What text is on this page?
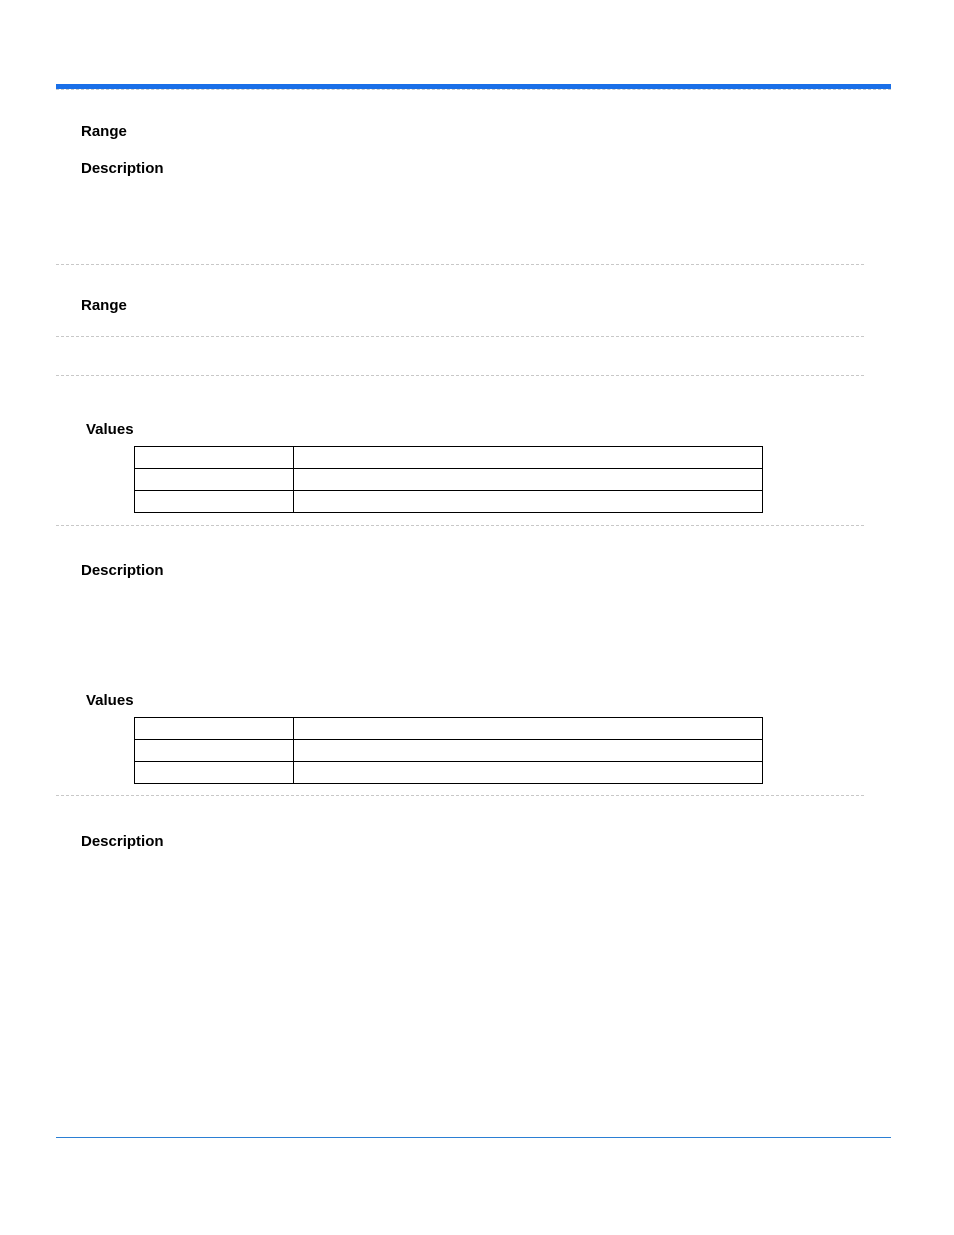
Range

Description

Range

Values

Description

Values

Description
